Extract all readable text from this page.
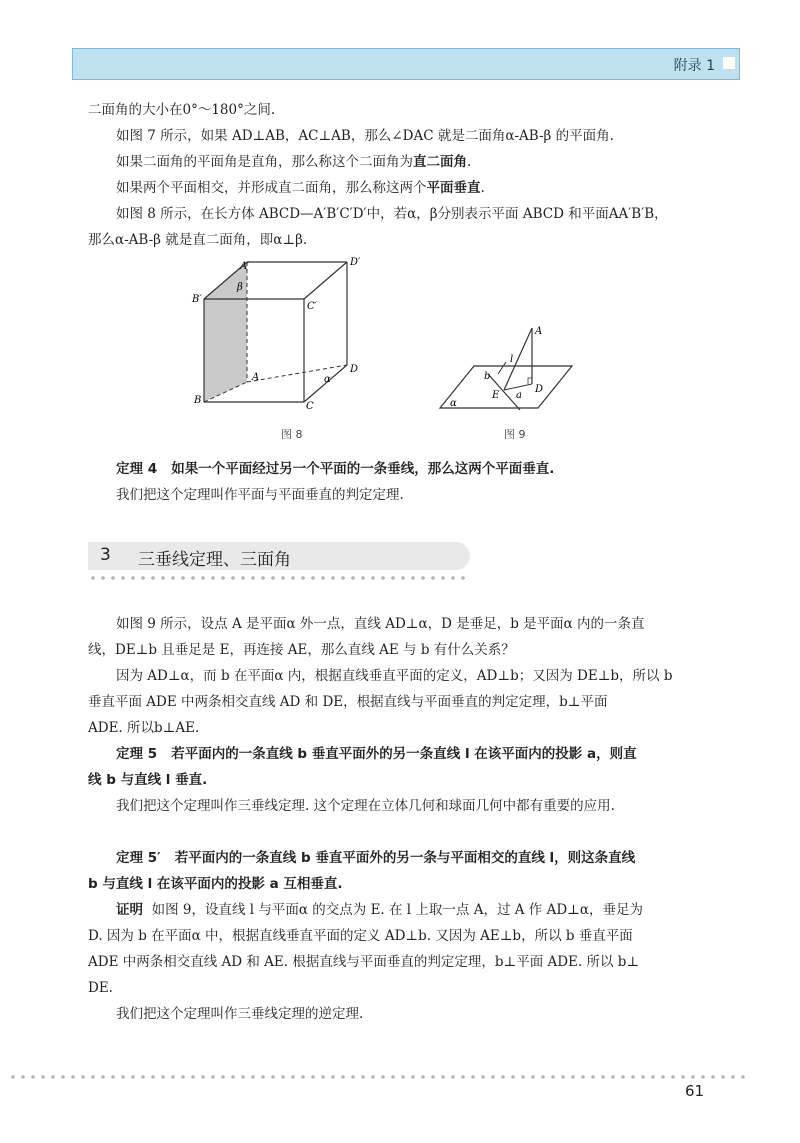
附录 1
二面角的大小在0°～180°之间.
如图 7 所示，如果 AD⊥AB，AC⊥AB，那么∠DAC 就是二面角α-AB-β 的平面角.
如果二面角的平面角是直角，那么称这个二面角为直二面角.
如果两个平面相交，并形成直二面角，那么称这两个平面垂直.
如图 8 所示，在长方体 ABCD—A′B′C′D′中，若α，β分别表示平面 ABCD 和平面AA′B′B，
那么α-AB-β 就是直二面角，即α⊥β.
A′	D′
B′
C′
β
A
D
B
C
α
图 8
A
l
b
D
E a
α
图 9
定理 4 如果一个平面经过另一个平面的一条垂线，那么这两个平面垂直.
我们把这个定理叫作平面与平面垂直的判定定理.
3 三垂线定理、三面角
如图 9 所示，设点 A 是平面α 外一点，直线 AD⊥α，D 是垂足，b 是平面α 内的一条直
线，DE⊥b 且垂足是 E，再连接 AE，那么直线 AE 与 b 有什么关系？
因为 AD⊥α，而 b 在平面α 内，根据直线垂直平面的定义，AD⊥b；又因为 DE⊥b，所以 b
垂直平面 ADE 中两条相交直线 AD 和 DE，根据直线与平面垂直的判定定理，b⊥平面
ADE. 所以b⊥AE.
定理 5 若平面内的一条直线 b 垂直平面外的另一条直线 l 在该平面内的投影 a，则直
线 b 与直线 l 垂直.
我们把这个定理叫作三垂线定理. 这个定理在立体几何和球面几何中都有重要的应用.
定理 5′ 若平面内的一条直线 b 垂直平面外的另一条与平面相交的直线 l，则这条直线
b 与直线 l 在该平面内的投影 a 互相垂直.
证明 如图 9，设直线 l 与平面α 的交点为 E. 在 l 上取一点 A，过 A 作 AD⊥α，垂足为
D. 因为 b 在平面α 中，根据直线垂直平面的定义 AD⊥b. 又因为 AE⊥b，所以 b 垂直平面
ADE 中两条相交直线 AD 和 AE. 根据直线与平面垂直的判定定理，b⊥平面 ADE. 所以 b⊥
DE.
我们把这个定理叫作三垂线定理的逆定理.
61
